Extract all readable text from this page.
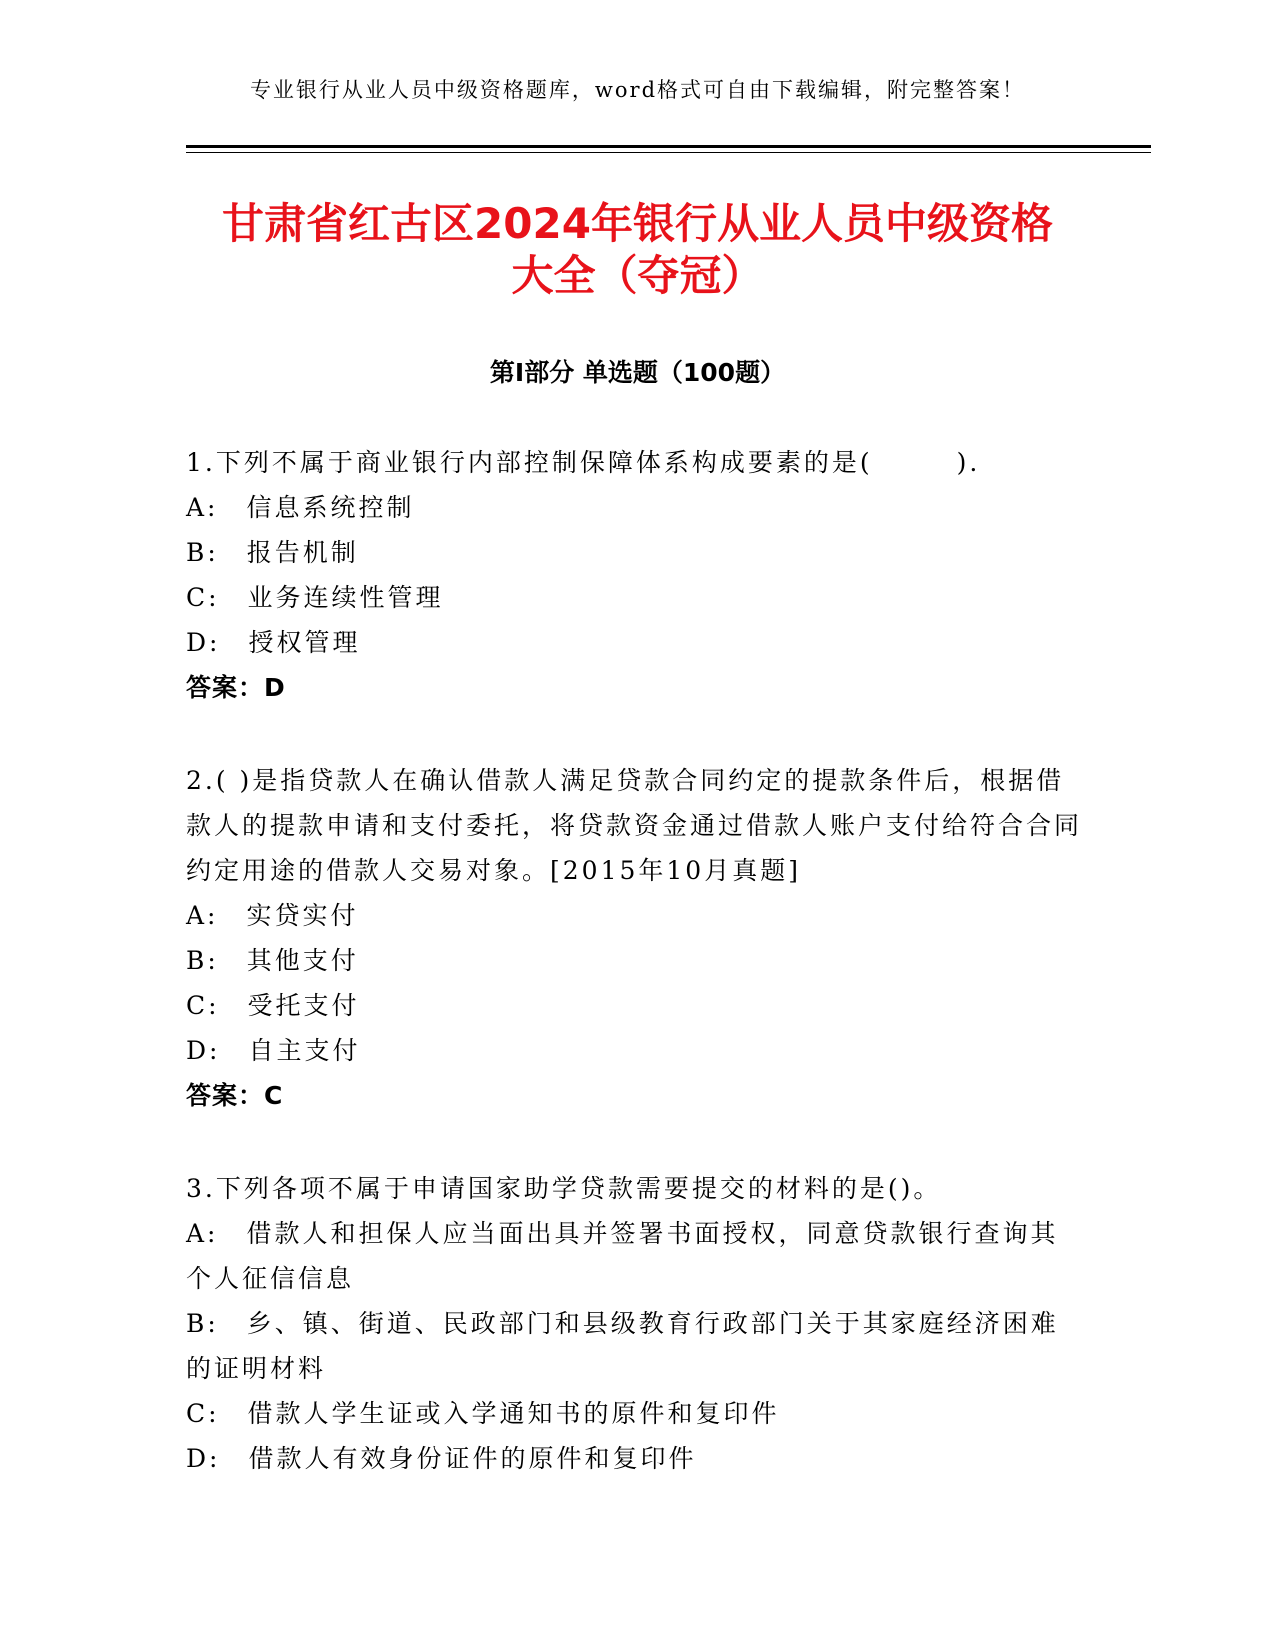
专业银行从业人员中级资格题库，word格式可自由下载编辑，附完整答案！
甘肃省红古区2024年银行从业人员中级资格
大全（夺冠）
第Ⅰ部分 单选题（100题）
1.下列不属于商业银行内部控制保障体系构成要素的是(　　　).
A:　信息系统控制
B:　报告机制
C:　业务连续性管理
D:　授权管理
答案：D
2.( )是指贷款人在确认借款人满足贷款合同约定的提款条件后，根据借款人的提款申请和支付委托，将贷款资金通过借款人账户支付给符合合同约定用途的借款人交易对象。[2015年10月真题]
A:　实贷实付
B:　其他支付
C:　受托支付
D:　自主支付
答案：C
3.下列各项不属于申请国家助学贷款需要提交的材料的是()。
A:　借款人和担保人应当面出具并签署书面授权，同意贷款银行查询其个人征信信息
B:　乡、镇、街道、民政部门和县级教育行政部门关于其家庭经济困难的证明材料
C:　借款人学生证或入学通知书的原件和复印件
D:　借款人有效身份证件的原件和复印件
